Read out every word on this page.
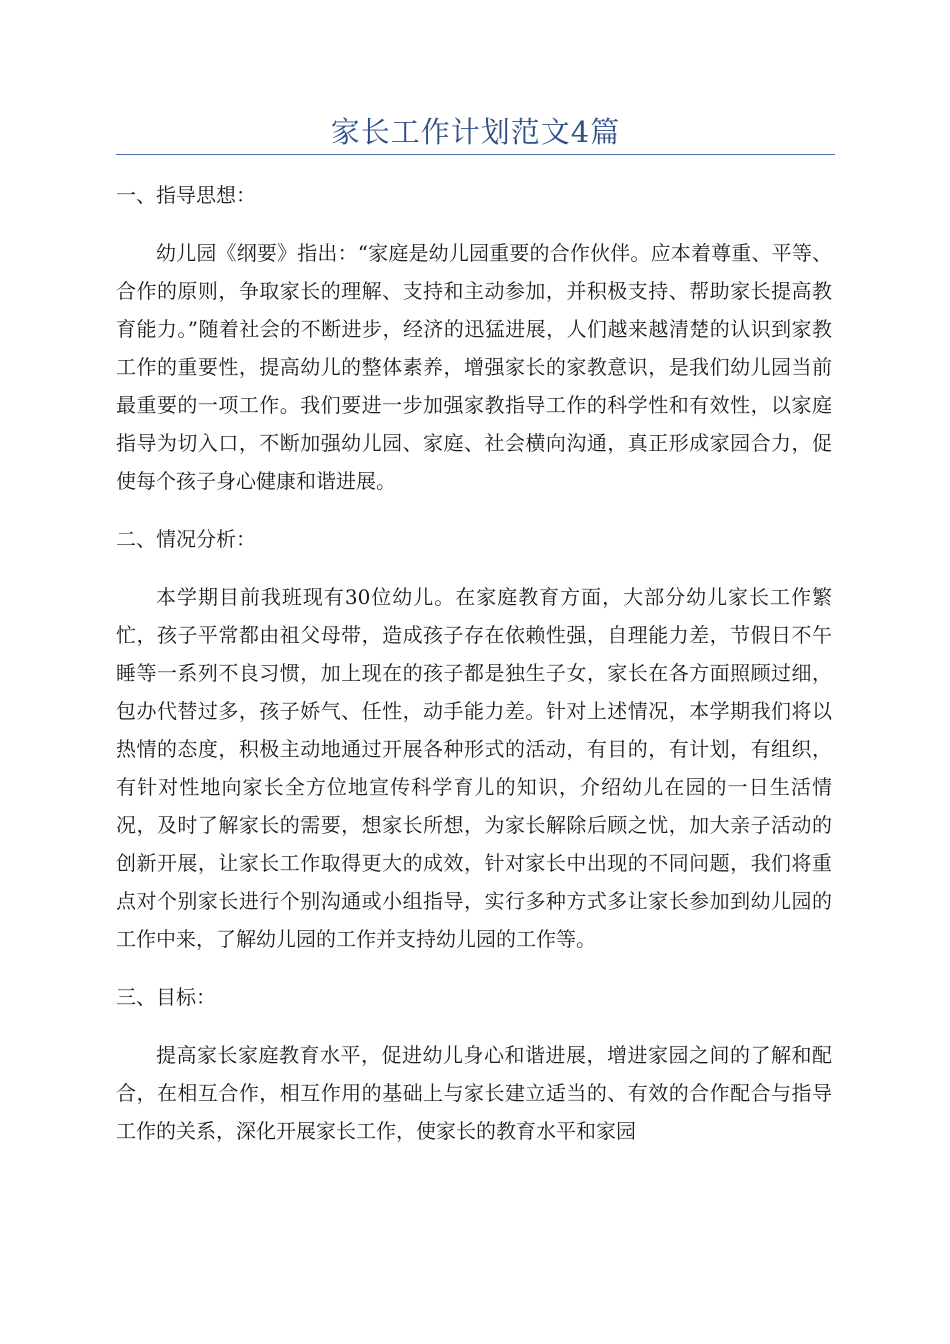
家长工作计划范文4篇

一、指导思想：

幼儿园《纲要》指出：“家庭是幼儿园重要的合作伙伴。应本着尊重、平等、合作的原则，争取家长的理解、支持和主动参加，并积极支持、帮助家长提高教育能力。”随着社会的不断进步，经济的迅猛进展，人们越来越清楚的认识到家教工作的重要性，提高幼儿的整体素养，增强家长的家教意识，是我们幼儿园当前最重要的一项工作。我们要进一步加强家教指导工作的科学性和有效性，以家庭指导为切入口，不断加强幼儿园、家庭、社会横向沟通，真正形成家园合力，促使每个孩子身心健康和谐进展。

二、情况分析：

本学期目前我班现有30位幼儿。在家庭教育方面，大部分幼儿家长工作繁忙，孩子平常都由祖父母带，造成孩子存在依赖性强，自理能力差，节假日不午睡等一系列不良习惯，加上现在的孩子都是独生子女，家长在各方面照顾过细，包办代替过多，孩子娇气、任性，动手能力差。针对上述情况，本学期我们将以热情的态度，积极主动地通过开展各种形式的活动，有目的，有计划，有组织，有针对性地向家长全方位地宣传科学育儿的知识，介绍幼儿在园的一日生活情况，及时了解家长的需要，想家长所想，为家长解除后顾之忧，加大亲子活动的创新开展，让家长工作取得更大的成效，针对家长中出现的不同问题，我们将重点对个别家长进行个别沟通或小组指导，实行多种方式多让家长参加到幼儿园的工作中来，了解幼儿园的工作并支持幼儿园的工作等。

三、目标：

提高家长家庭教育水平，促进幼儿身心和谐进展，增进家园之间的了解和配合，在相互合作，相互作用的基础上与家长建立适当的、有效的合作配合与指导工作的关系，深化开展家长工作，使家长的教育水平和家园
